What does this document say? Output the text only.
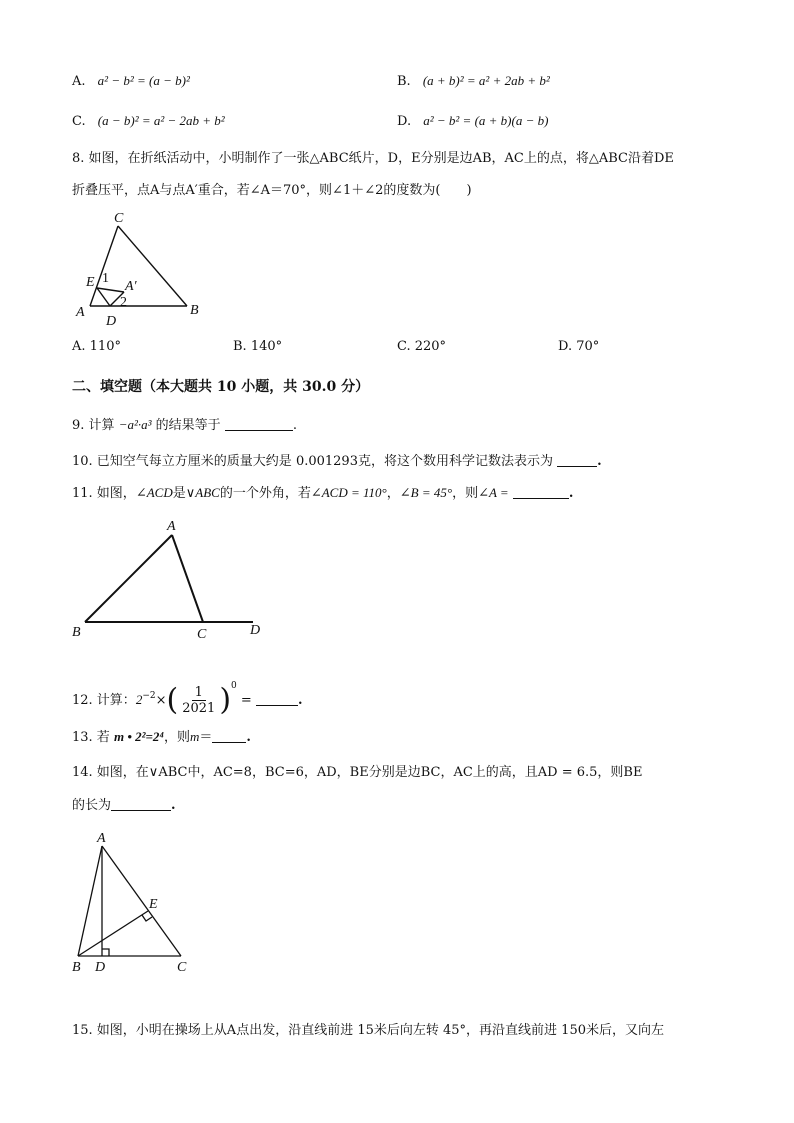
A. a² − b² = (a − b)²	B. (a + b)² = a² + 2ab + b²
C. (a − b)² = a² − 2ab + b²	D. a² − b² = (a + b)(a − b)
8. 如图，在折纸活动中，小明制作了一张△ABC纸片，D，E分别是边AB，AC上的点，将△ABC沿着DE
折叠压平，点A与点A′重合，若∠A＝70°，则∠1＋∠2的度数为(　　)
C
E 1
A′
2
A
D
B
A. 110°	B. 140°	C. 220°	D. 70°
二、填空题（本大题共 10 小题，共 30.0 分）
9. 计算 −a²·a³ 的结果等于	.
10. 已知空气每立方厘米的质量大约是 0.001293克，将这个数用科学记数法表示为	.
11. 如图，∠ACD是∨ABC的一个外角，若∠ACD = 110°，∠B = 45°，则∠A =	.
A
B	C	D
12. 计算：$2^{-2}\times( \frac{1}{2021} )^0$ =	.
13. 若 m • 2²=2⁴，则m＝	.
14. 如图，在∨ABC中，AC=8，BC=6，AD，BE分别是边BC，AC上的高，且AD = 6.5，则BE
的长为	.
A
E
B D	C
15. 如图，小明在操场上从A点出发，沿直线前进 15米后向左转 45°，再沿直线前进 150米后，又向左
